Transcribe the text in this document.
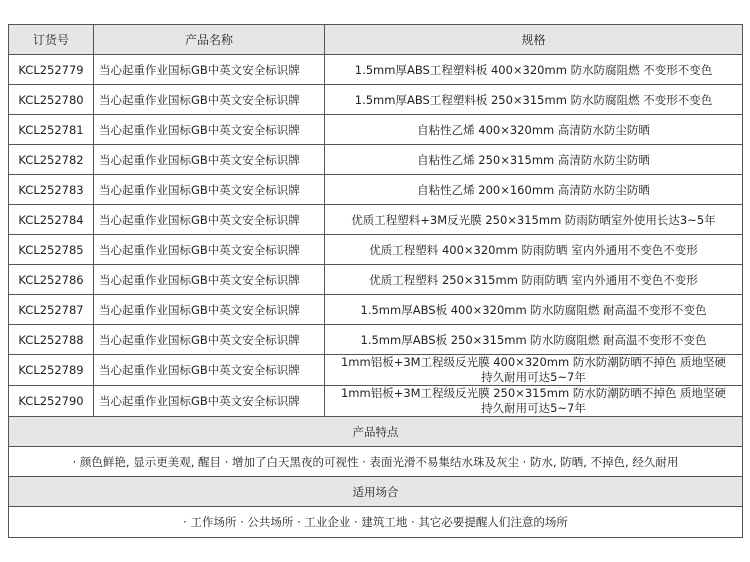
订货号	产品名称	规格
KCL252779	当心起重作业国标GB中英文安全标识牌	1.5mm厚ABS工程塑料板 400×320mm 防水防腐阻燃 不变形不变色
KCL252780	当心起重作业国标GB中英文安全标识牌	1.5mm厚ABS工程塑料板 250×315mm 防水防腐阻燃 不变形不变色
KCL252781	当心起重作业国标GB中英文安全标识牌	自粘性乙烯 400×320mm 高清防水防尘防晒
KCL252782	当心起重作业国标GB中英文安全标识牌	自粘性乙烯 250×315mm 高清防水防尘防晒
KCL252783	当心起重作业国标GB中英文安全标识牌	自粘性乙烯 200×160mm 高清防水防尘防晒
KCL252784	当心起重作业国标GB中英文安全标识牌	优质工程塑料+3M反光膜 250×315mm 防雨防晒室外使用长达3~5年
KCL252785	当心起重作业国标GB中英文安全标识牌	优质工程塑料 400×320mm 防雨防晒 室内外通用不变色不变形
KCL252786	当心起重作业国标GB中英文安全标识牌	优质工程塑料 250×315mm 防雨防晒 室内外通用不变色不变形
KCL252787	当心起重作业国标GB中英文安全标识牌	1.5mm厚ABS板 400×320mm 防水防腐阻燃 耐高温不变形不变色
KCL252788	当心起重作业国标GB中英文安全标识牌	1.5mm厚ABS板 250×315mm 防水防腐阻燃 耐高温不变形不变色
KCL252789	当心起重作业国标GB中英文安全标识牌	1mm铝板+3M工程级反光膜 400×320mm 防水防潮防晒不掉色 质地坚硬
持久耐用可达5~7年

KCL252790	当心起重作业国标GB中英文安全标识牌	1mm铝板+3M工程级反光膜 250×315mm 防水防潮防晒不掉色 质地坚硬
持久耐用可达5~7年

产品特点		
· 颜色鲜艳, 显示更美观, 醒目 · 增加了白天黑夜的可视性 · 表面光滑不易集结水珠及灰尘 · 防水, 防晒, 不掉色, 经久耐用		
适用场合		
· 工作场所 · 公共场所 · 工业企业 · 建筑工地 · 其它必要提醒人们注意的场所		
